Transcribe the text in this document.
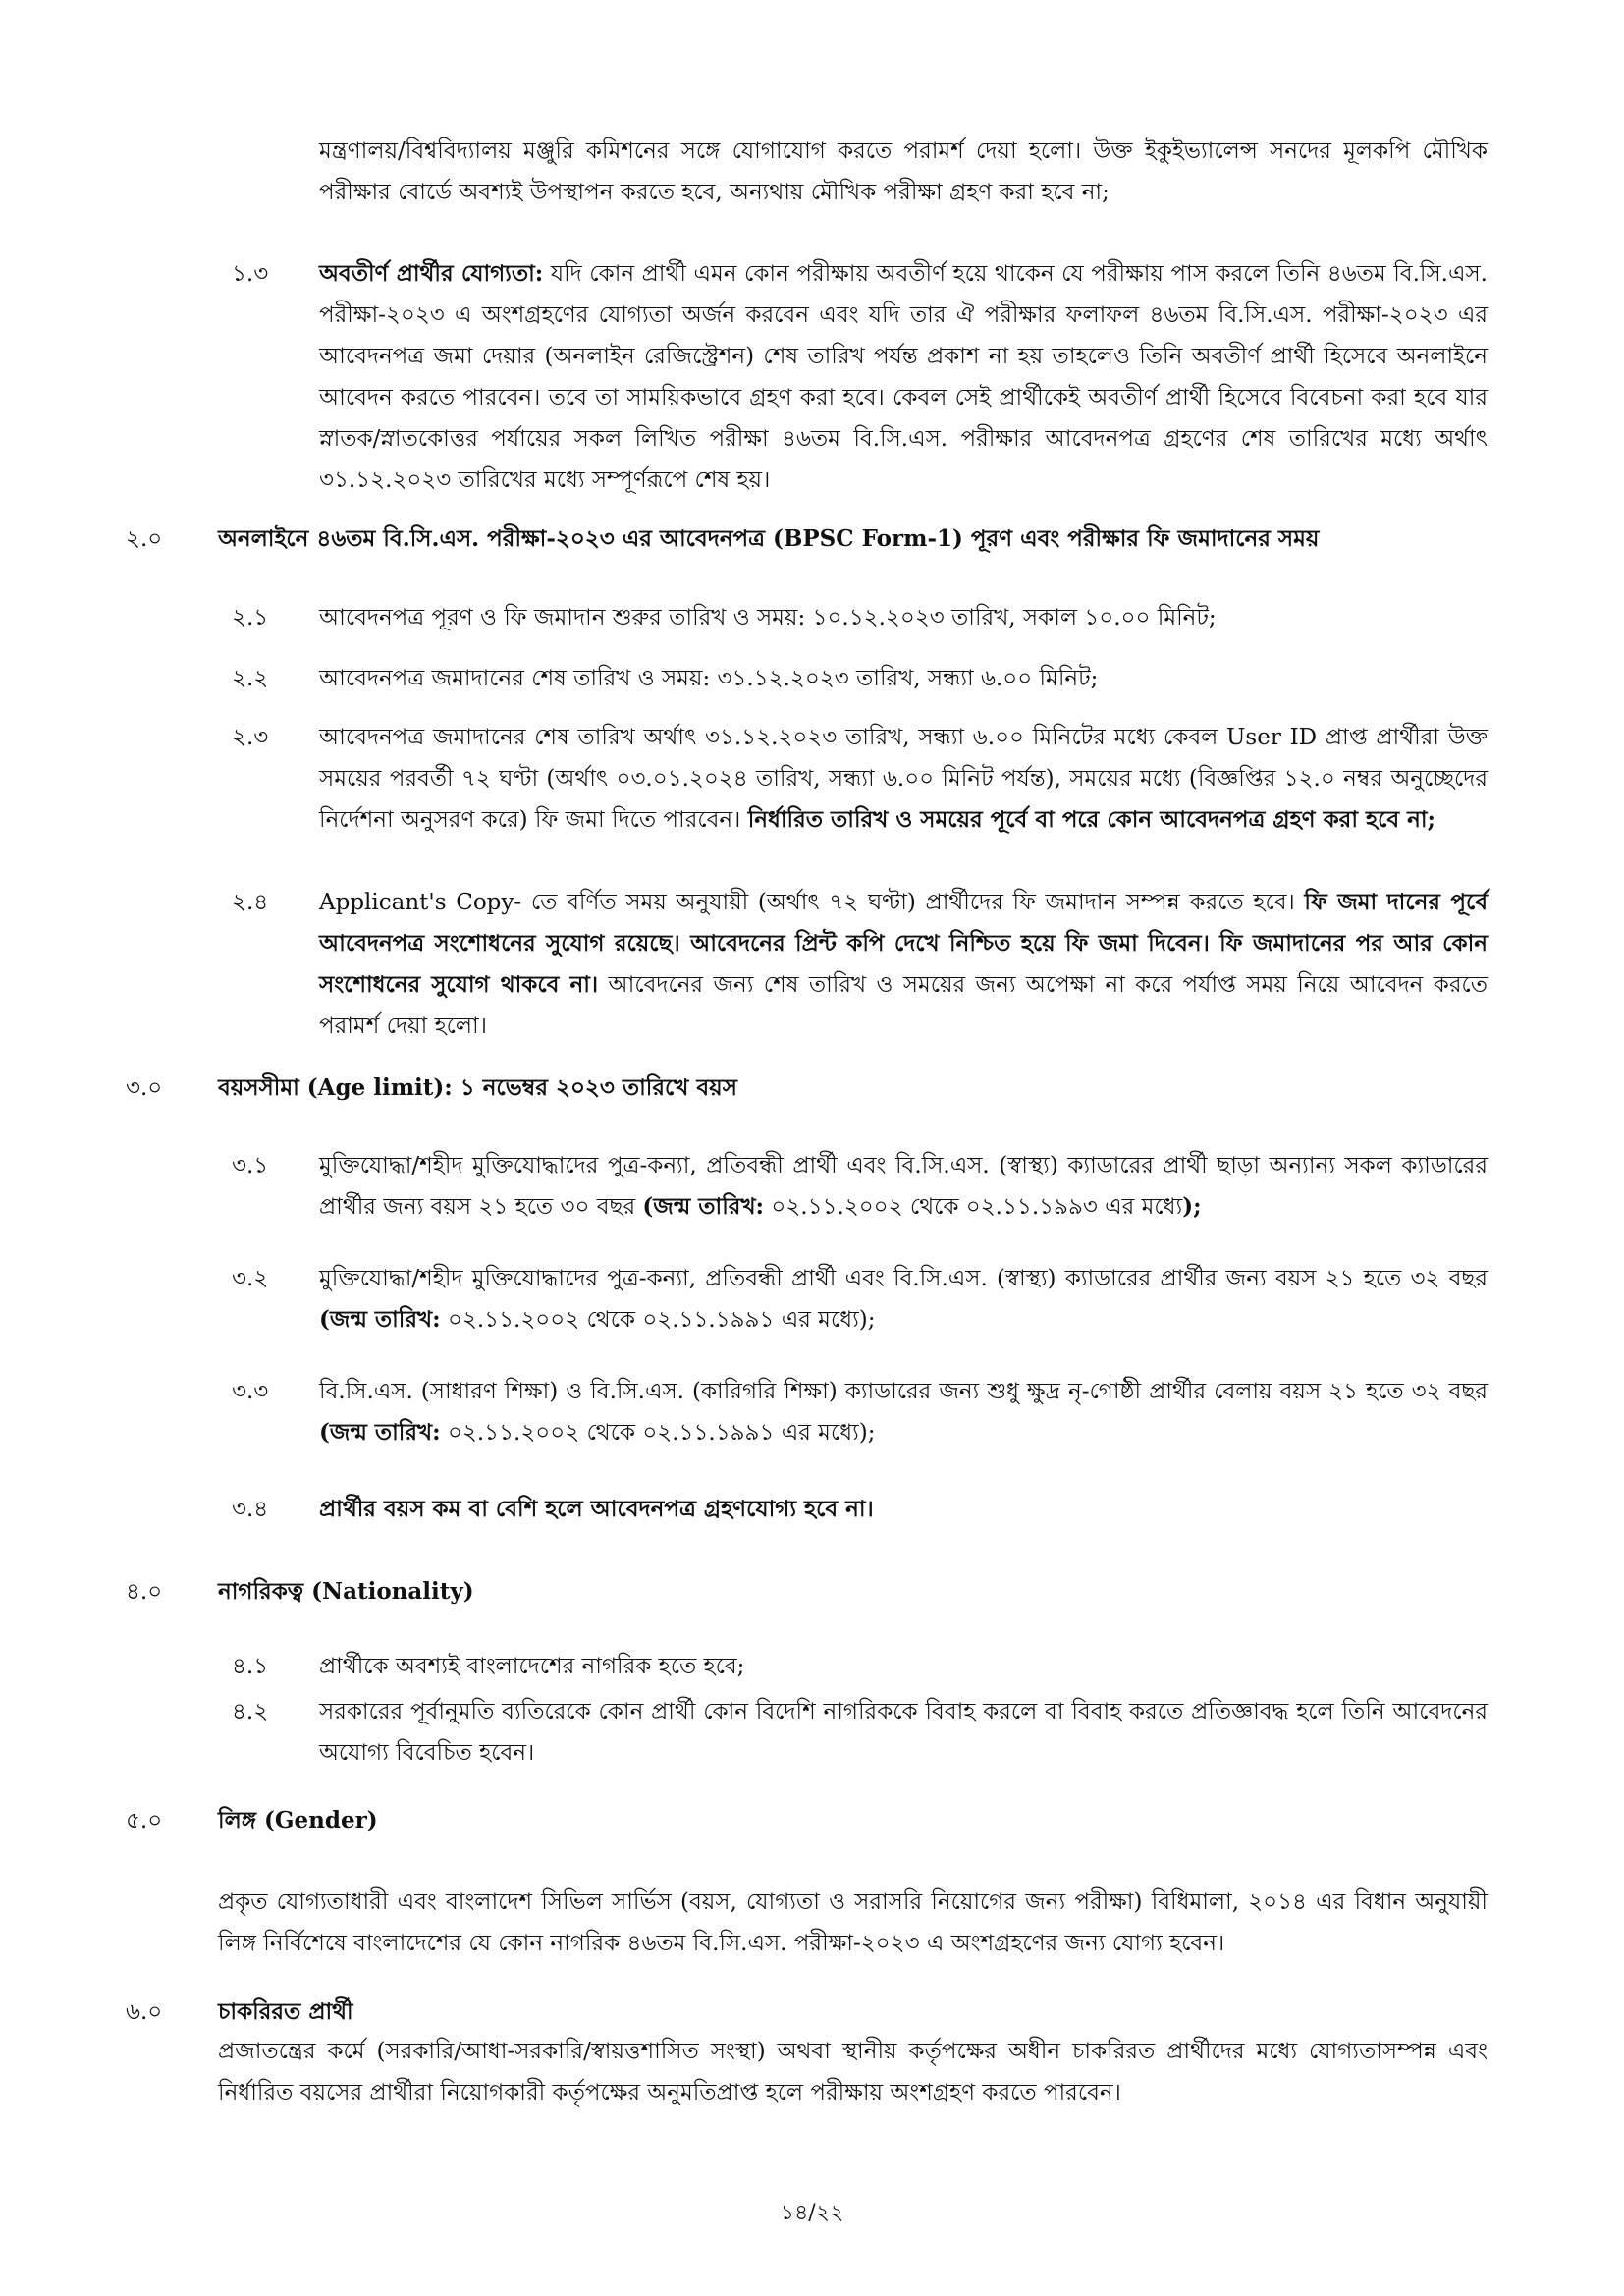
মন্ত্রণালয়/বিশ্ববিদ্যালয় মঞ্জুরি কমিশনের সঙ্গে যোগাযোগ করতে পরামর্শ দেয়া হলো। উক্ত ইকুইভ্যালেন্স সনদের মূলকপি মৌখিক পরীক্ষার বোর্ডে অবশ্যই উপস্থাপন করতে হবে, অন্যথায় মৌখিক পরীক্ষা গ্রহণ করা হবে না;

১.৩ অবতীর্ণ প্রার্থীর যোগ্যতা: যদি কোন প্রার্থী এমন কোন পরীক্ষায় অবতীর্ণ হয়ে থাকেন যে পরীক্ষায় পাস করলে তিনি ৪৬তম বি.সি.এস. পরীক্ষা-২০২৩ এ অংশগ্রহণের যোগ্যতা অর্জন করবেন এবং যদি তার ঐ পরীক্ষার ফলাফল ৪৬তম বি.সি.এস. পরীক্ষা-২০২৩ এর আবেদনপত্র জমা দেয়ার (অনলাইন রেজিস্ট্রেশন) শেষ তারিখ পর্যন্ত প্রকাশ না হয় তাহলেও তিনি অবতীর্ণ প্রার্থী হিসেবে অনলাইনে আবেদন করতে পারবেন। তবে তা সাময়িকভাবে গ্রহণ করা হবে। কেবল সেই প্রার্থীকেই অবতীর্ণ প্রার্থী হিসেবে বিবেচনা করা হবে যার স্নাতক/স্নাতকোত্তর পর্যায়ের সকল লিখিত পরীক্ষা ৪৬তম বি.সি.এস. পরীক্ষার আবেদনপত্র গ্রহণের শেষ তারিখের মধ্যে অর্থাৎ ৩১.১২.২০২৩ তারিখের মধ্যে সম্পূর্ণরূপে শেষ হয়।

২.০ অনলাইনে ৪৬তম বি.সি.এস. পরীক্ষা-২০২৩ এর আবেদনপত্র (BPSC Form-1) পূরণ এবং পরীক্ষার ফি জমাদানের সময়
২.১ আবেদনপত্র পূরণ ও ফি জমাদান শুরুর তারিখ ও সময়: ১০.১২.২০২৩ তারিখ, সকাল ১০.০০ মিনিট;

২.২ আবেদনপত্র জমাদানের শেষ তারিখ ও সময়: ৩১.১২.২০২৩ তারিখ, সন্ধ্যা ৬.০০ মিনিট;

২.৩ আবেদনপত্র জমাদানের শেষ তারিখ অর্থাৎ ৩১.১২.২০২৩ তারিখ, সন্ধ্যা ৬.০০ মিনিটের মধ্যে কেবল User ID প্রাপ্ত প্রার্থীরা উক্ত সময়ের পরবর্তী ৭২ ঘণ্টা (অর্থাৎ ০৩.০১.২০২৪ তারিখ, সন্ধ্যা ৬.০০ মিনিট পর্যন্ত), সময়ের মধ্যে (বিজ্ঞপ্তির ১২.০ নম্বর অনুচ্ছেদের নির্দেশনা অনুসরণ করে) ফি জমা দিতে পারবেন। নির্ধারিত তারিখ ও সময়ের পূর্বে বা পরে কোন আবেদনপত্র গ্রহণ করা হবে না;

২.৪ Applicant's Copy- তে বর্ণিত সময় অনুযায়ী (অর্থাৎ ৭২ ঘণ্টা) প্রার্থীদের ফি জমাদান সম্পন্ন করতে হবে। ফি জমা দানের পূর্বে আবেদনপত্র সংশোধনের সুযোগ রয়েছে। আবেদনের প্রিন্ট কপি দেখে নিশ্চিত হয়ে ফি জমা দিবেন। ফি জমাদানের পর আর কোন সংশোধনের সুযোগ থাকবে না। আবেদনের জন্য শেষ তারিখ ও সময়ের জন্য অপেক্ষা না করে পর্যাপ্ত সময় নিয়ে আবেদন করতে পরামর্শ দেয়া হলো।

৩.০ বয়সসীমা (Age limit): ১ নভেম্বর ২০২৩ তারিখে বয়স
৩.১ মুক্তিযোদ্ধা/শহীদ মুক্তিযোদ্ধাদের পুত্র-কন্যা, প্রতিবন্ধী প্রার্থী এবং বি.সি.এস. (স্বাস্থ্য) ক্যাডারের প্রার্থী ছাড়া অন্যান্য সকল ক্যাডারের প্রার্থীর জন্য বয়স ২১ হতে ৩০ বছর (জন্ম তারিখ: ০২.১১.২০০২ থেকে ০২.১১.১৯৯৩ এর মধ্যে);

৩.২ মুক্তিযোদ্ধা/শহীদ মুক্তিযোদ্ধাদের পুত্র-কন্যা, প্রতিবন্ধী প্রার্থী এবং বি.সি.এস. (স্বাস্থ্য) ক্যাডারের প্রার্থীর জন্য বয়স ২১ হতে ৩২ বছর (জন্ম তারিখ: ০২.১১.২০০২ থেকে ০২.১১.১৯৯১ এর মধ্যে);

৩.৩ বি.সি.এস. (সাধারণ শিক্ষা) ও বি.সি.এস. (কারিগরি শিক্ষা) ক্যাডারের জন্য শুধু ক্ষুদ্র নৃ-গোষ্ঠী প্রার্থীর বেলায় বয়স ২১ হতে ৩২ বছর (জন্ম তারিখ: ০২.১১.২০০২ থেকে ০২.১১.১৯৯১ এর মধ্যে);

৩.৪ প্রার্থীর বয়স কম বা বেশি হলে আবেদনপত্র গ্রহণযোগ্য হবে না।

৪.০ নাগরিকত্ব (Nationality)
৪.১ প্রার্থীকে অবশ্যই বাংলাদেশের নাগরিক হতে হবে;

৪.২ সরকারের পূর্বানুমতি ব্যতিরেকে কোন প্রার্থী কোন বিদেশি নাগরিককে বিবাহ করলে বা বিবাহ করতে প্রতিজ্ঞাবদ্ধ হলে তিনি আবেদনের অযোগ্য বিবেচিত হবেন।

৫.০ লিঙ্গ (Gender)

প্রকৃত যোগ্যতাধারী এবং বাংলাদেশ সিভিল সার্ভিস (বয়স, যোগ্যতা ও সরাসরি নিয়োগের জন্য পরীক্ষা) বিধিমালা, ২০১৪ এর বিধান অনুযায়ী লিঙ্গ নির্বিশেষে বাংলাদেশের যে কোন নাগরিক ৪৬তম বি.সি.এস. পরীক্ষা-২০২৩ এ অংশগ্রহণের জন্য যোগ্য হবেন।

৬.০ চাকরিরত প্রার্থী

প্রজাতন্ত্রের কর্মে (সরকারি/আধা-সরকারি/স্বায়ত্তশাসিত সংস্থা) অথবা স্থানীয় কর্তৃপক্ষের অধীন চাকরিরত প্রার্থীদের মধ্যে যোগ্যতাসম্পন্ন এবং নির্ধারিত বয়সের প্রার্থীরা নিয়োগকারী কর্তৃপক্ষের অনুমতিপ্রাপ্ত হলে পরীক্ষায় অংশগ্রহণ করতে পারবেন।

১৪/২২
